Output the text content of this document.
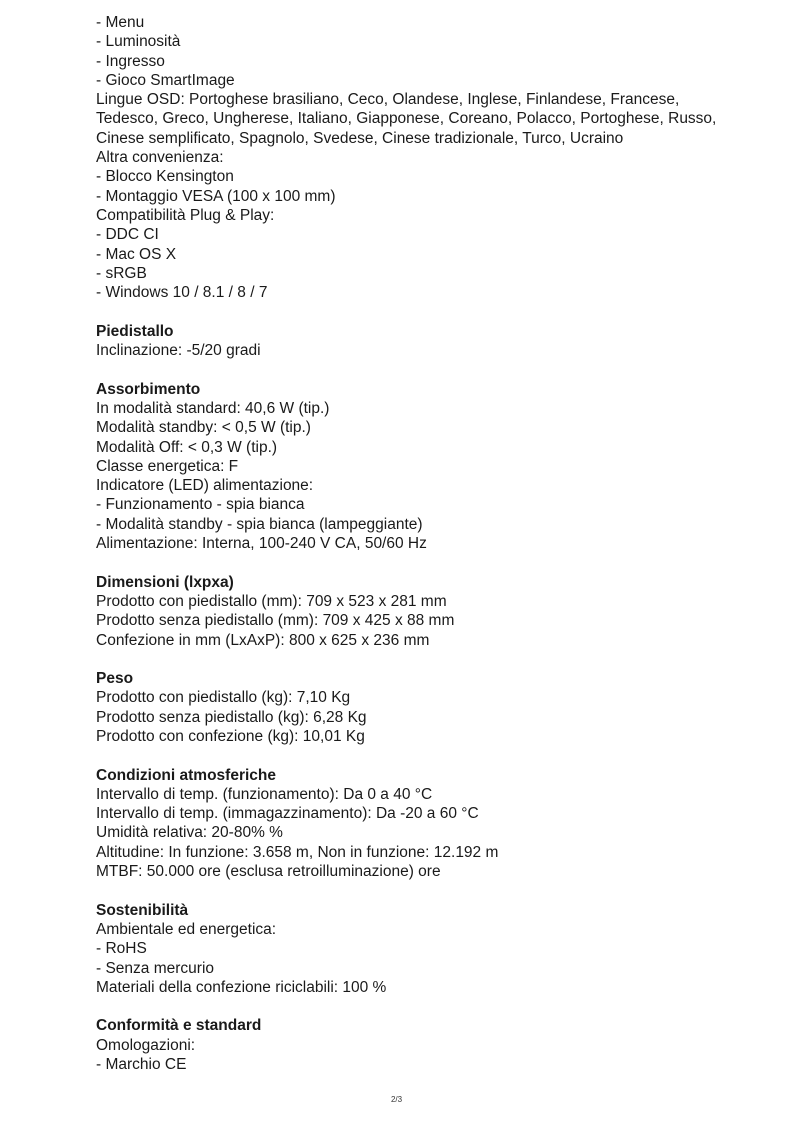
- Menu
- Luminosità
- Ingresso
- Gioco SmartImage
Lingue OSD: Portoghese brasiliano, Ceco, Olandese, Inglese, Finlandese, Francese,
Tedesco, Greco, Ungherese, Italiano, Giapponese, Coreano, Polacco, Portoghese, Russo,
Cinese semplificato, Spagnolo, Svedese, Cinese tradizionale, Turco, Ucraino
Altra convenienza:
- Blocco Kensington
- Montaggio VESA (100 x 100 mm)
Compatibilità Plug & Play:
- DDC CI
- Mac OS X
- sRGB
- Windows 10 / 8.1 / 8 / 7
Piedistallo
Inclinazione: -5/20 gradi
Assorbimento
In modalità standard: 40,6 W (tip.)
Modalità standby: < 0,5 W (tip.)
Modalità Off: < 0,3 W (tip.)
Classe energetica: F
Indicatore (LED) alimentazione:
- Funzionamento - spia bianca
- Modalità standby - spia bianca (lampeggiante)
Alimentazione: Interna, 100-240 V CA, 50/60 Hz
Dimensioni (lxpxa)
Prodotto con piedistallo (mm): 709 x 523 x 281 mm
Prodotto senza piedistallo (mm): 709 x 425 x 88 mm
Confezione in mm (LxAxP): 800 x 625 x 236 mm
Peso
Prodotto con piedistallo (kg): 7,10 Kg
Prodotto senza piedistallo (kg): 6,28 Kg
Prodotto con confezione (kg): 10,01 Kg
Condizioni atmosferiche
Intervallo di temp. (funzionamento): Da 0 a 40 °C
Intervallo di temp. (immagazzinamento): Da -20 a 60 °C
Umidità relativa: 20-80% %
Altitudine: In funzione: 3.658 m, Non in funzione: 12.192 m
MTBF: 50.000 ore (esclusa retroilluminazione) ore
Sostenibilità
Ambientale ed energetica:
- RoHS
- Senza mercurio
Materiali della confezione riciclabili: 100 %
Conformità e standard
Omologazioni:
- Marchio CE
2/3
